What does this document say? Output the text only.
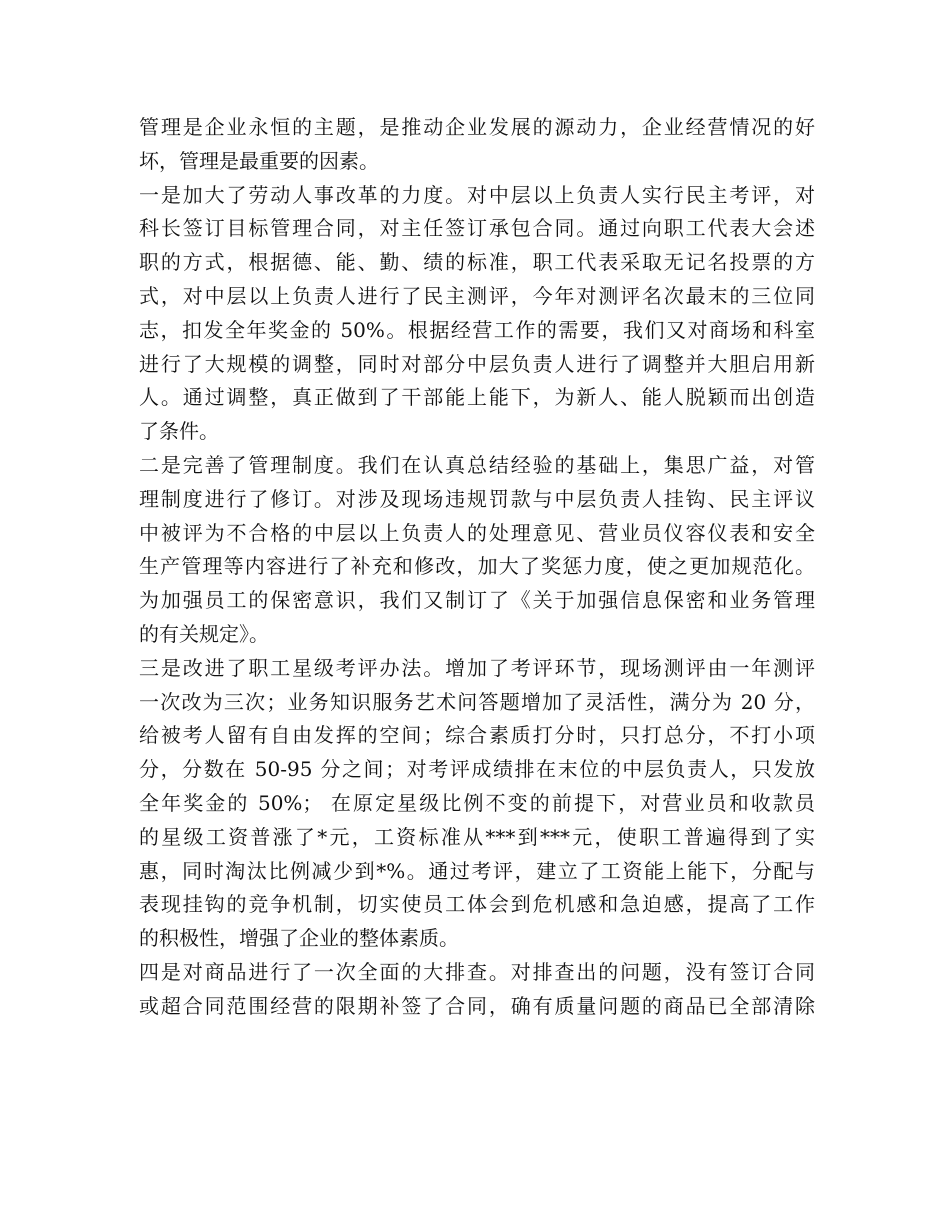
管理是企业永恒的主题，是推动企业发展的源动力，企业经营情况的好
坏，管理是最重要的因素。
一是加大了劳动人事改革的力度。对中层以上负责人实行民主考评，对
科长签订目标管理合同，对主任签订承包合同。通过向职工代表大会述
职的方式，根据德、能、勤、绩的标准，职工代表采取无记名投票的方
式，对中层以上负责人进行了民主测评，今年对测评名次最末的三位同
志，扣发全年奖金的 50%。根据经营工作的需要，我们又对商场和科室
进行了大规模的调整，同时对部分中层负责人进行了调整并大胆启用新
人。通过调整，真正做到了干部能上能下，为新人、能人脱颖而出创造
了条件。
二是完善了管理制度。我们在认真总结经验的基础上，集思广益，对管
理制度进行了修订。对涉及现场违规罚款与中层负责人挂钩、民主评议
中被评为不合格的中层以上负责人的处理意见、营业员仪容仪表和安全
生产管理等内容进行了补充和修改，加大了奖惩力度，使之更加规范化。
为加强员工的保密意识，我们又制订了《关于加强信息保密和业务管理
的有关规定》。
三是改进了职工星级考评办法。增加了考评环节，现场测评由一年测评
一次改为三次；业务知识服务艺术问答题增加了灵活性，满分为 20 分，
给被考人留有自由发挥的空间；综合素质打分时，只打总分，不打小项
分，分数在 50-95 分之间；对考评成绩排在末位的中层负责人，只发放
全年奖金的 50%； 在原定星级比例不变的前提下，对营业员和收款员
的星级工资普涨了*元，工资标准从***到***元，使职工普遍得到了实
惠，同时淘汰比例减少到*%。通过考评，建立了工资能上能下，分配与
表现挂钩的竞争机制，切实使员工体会到危机感和急迫感，提高了工作
的积极性，增强了企业的整体素质。
四是对商品进行了一次全面的大排查。对排查出的问题，没有签订合同
或超合同范围经营的限期补签了合同，确有质量问题的商品已全部清除
